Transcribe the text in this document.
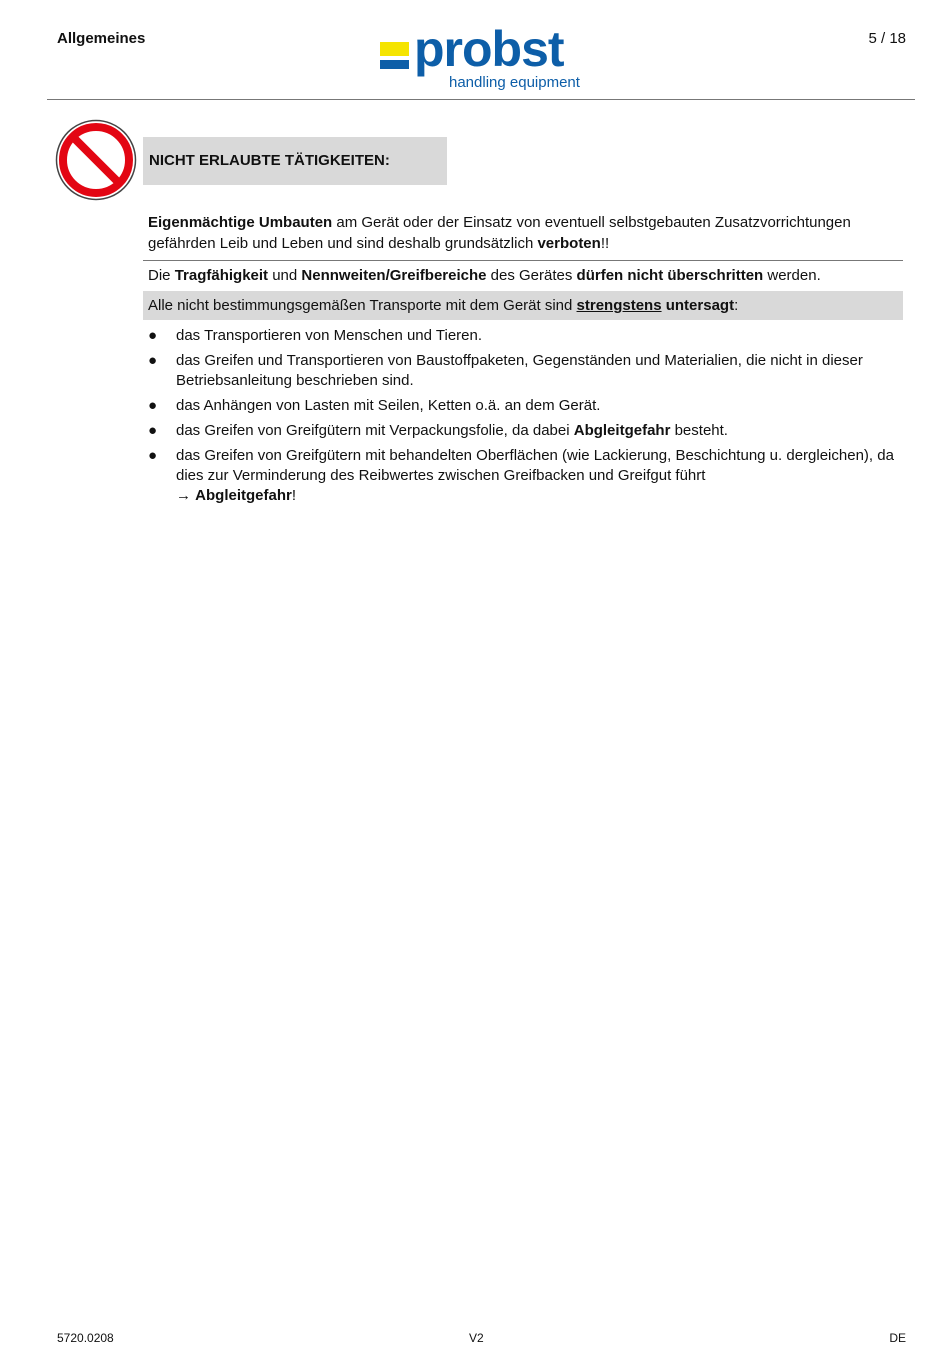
Allgemeines	probst
handling equipment
5 / 18
NICHT ERLAUBTE TÄTIGKEITEN:
Eigenmächtige Umbauten am Gerät oder der Einsatz von eventuell selbstgebauten Zusatzvorrichtungen gefährden Leib und Leben und sind deshalb grundsätzlich verboten!!
Die Tragfähigkeit und Nennweiten/Greifbereiche des Gerätes dürfen nicht überschritten werden.
Alle nicht bestimmungsgemäßen Transporte mit dem Gerät sind strengstens untersagt:
● das Transportieren von Menschen und Tieren.
● das Greifen und Transportieren von Baustoffpaketen, Gegenständen und Materialien, die nicht in dieser Betriebsanleitung beschrieben sind.
● das Anhängen von Lasten mit Seilen, Ketten o.ä. an dem Gerät.
● das Greifen von Greifgütern mit Verpackungsfolie, da dabei Abgleitgefahr besteht.
● das Greifen von Greifgütern mit behandelten Oberflächen (wie Lackierung, Beschichtung u. dergleichen), da dies zur Verminderung des Reibwertes zwischen Greifbacken und Greifgut führt
→ Abgleitgefahr!
5720.0208	V2	DE
